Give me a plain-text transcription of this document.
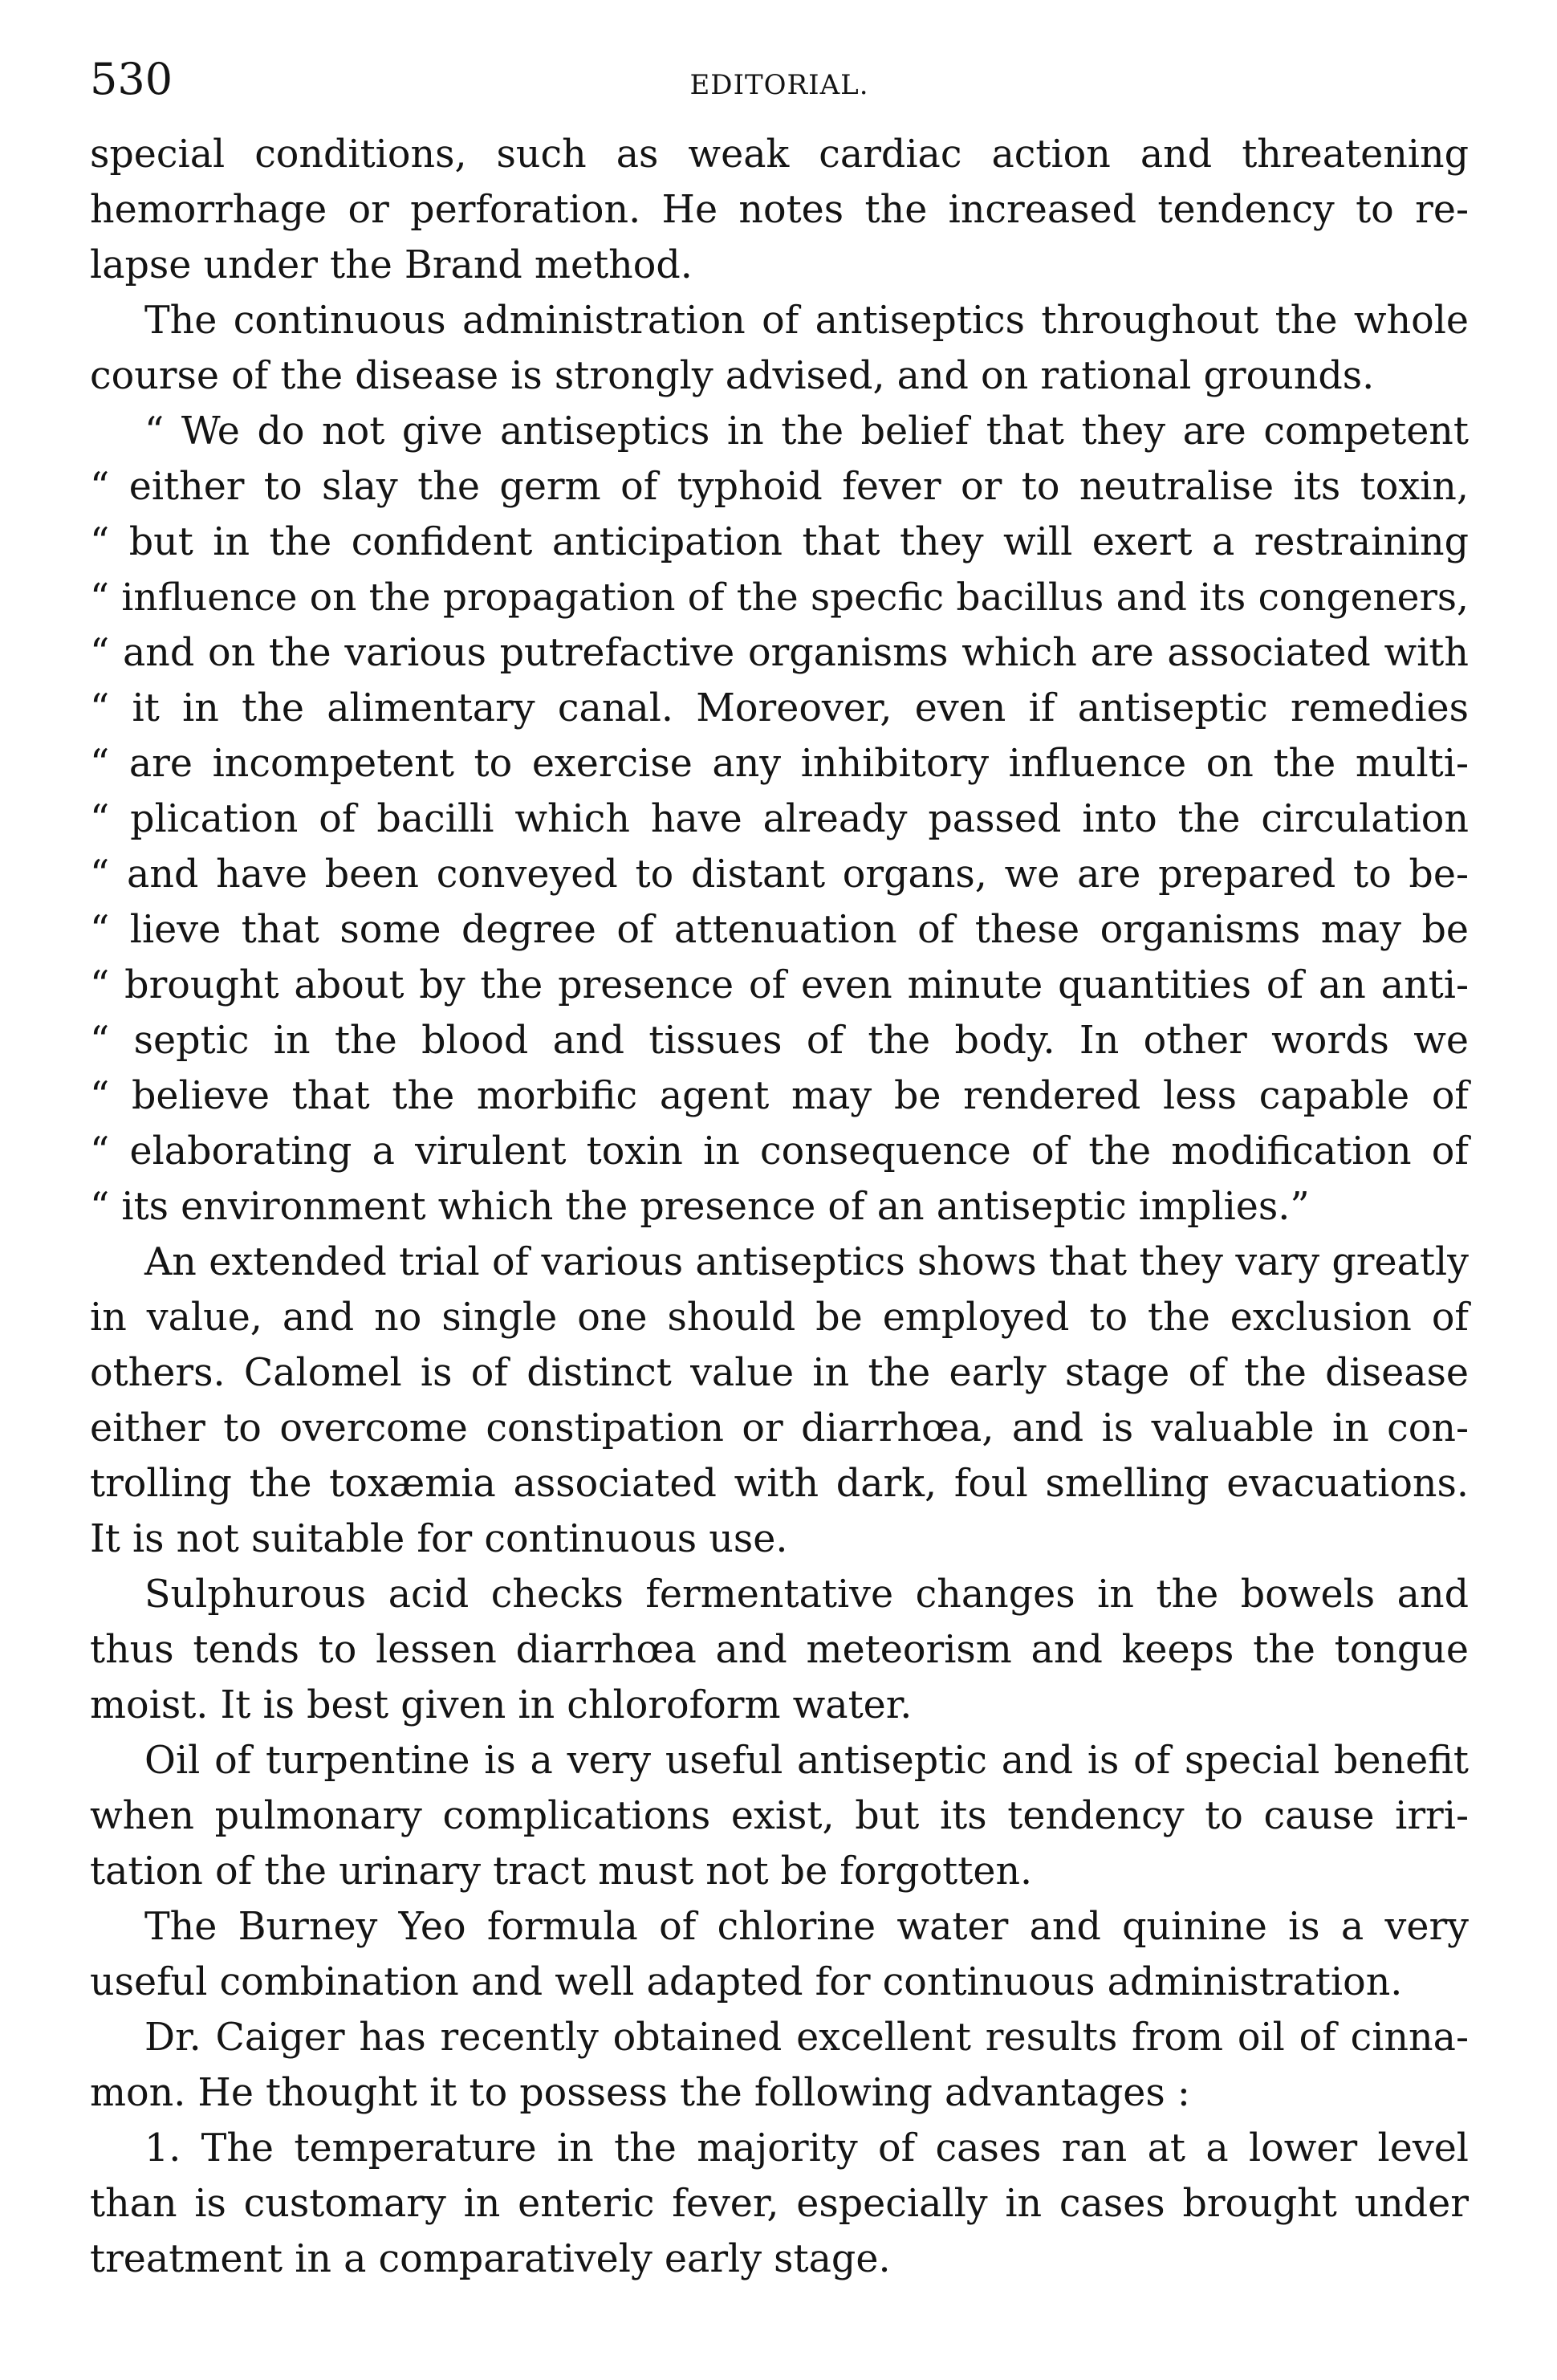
530	EDITORIAL.
special conditions, such as weak cardiac action and threatening
hemorrhage or perforation. He notes the increased tendency to re-
lapse under the Brand method.
The continuous administration of antiseptics throughout the whole
course of the disease is strongly advised, and on rational grounds.
“ We do not give antiseptics in the belief that they are competent
“ either to slay the germ of typhoid fever or to neutralise its toxin,
“ but in the confident anticipation that they will exert a restraining
“ influence on the propagation of the specfic bacillus and its congeners,
“ and on the various putrefactive organisms which are associated with
“ it in the alimentary canal. Moreover, even if antiseptic remedies
“ are incompetent to exercise any inhibitory influence on the multi-
“ plication of bacilli which have already passed into the circulation
“ and have been conveyed to distant organs, we are prepared to be-
“ lieve that some degree of attenuation of these organisms may be
“ brought about by the presence of even minute quantities of an anti-
“ septic in the blood and tissues of the body. In other words we
“ believe that the morbific agent may be rendered less capable of
“ elaborating a virulent toxin in consequence of the modification of
“ its environment which the presence of an antiseptic implies.”
An extended trial of various antiseptics shows that they vary greatly
in value, and no single one should be employed to the exclusion of
others. Calomel is of distinct value in the early stage of the disease
either to overcome constipation or diarrhœa, and is valuable in con-
trolling the toxæmia associated with dark, foul smelling evacuations.
It is not suitable for continuous use.
Sulphurous acid checks fermentative changes in the bowels and
thus tends to lessen diarrhœa and meteorism and keeps the tongue
moist. It is best given in chloroform water.
Oil of turpentine is a very useful antiseptic and is of special benefit
when pulmonary complications exist, but its tendency to cause irri-
tation of the urinary tract must not be forgotten.
The Burney Yeo formula of chlorine water and quinine is a very
useful combination and well adapted for continuous administration.
Dr. Caiger has recently obtained excellent results from oil of cinna-
mon. He thought it to possess the following advantages :
1. The temperature in the majority of cases ran at a lower level
than is customary in enteric fever, especially in cases brought under
treatment in a comparatively early stage.
